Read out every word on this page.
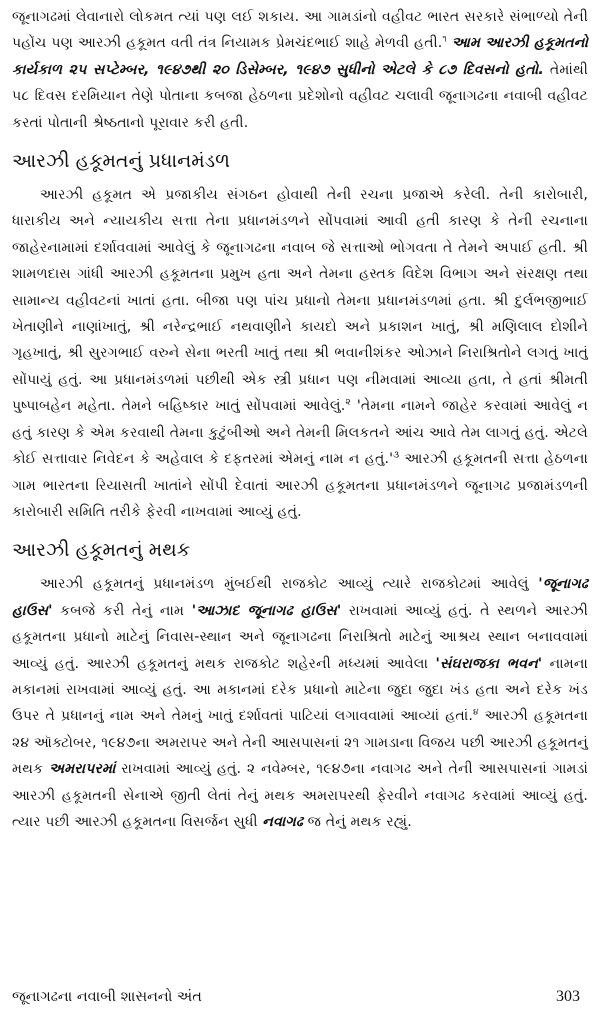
જૂનાગઢમાં લેવાનારો લોકમત ત્યાં પણ લઈ શકાય. આ ગામડાંનો વહીવટ ભારત સરકારે સંભાળ્યો તેની પહોંચ પણ આરઝી હકૂમત વતી તંત્ર નિયામક પ્રેમચંદભાઈ શાહે મેળવી હતી.$^૧$ આમ આરઝી હકૂમતનો કાર્યકાળ ૨૫ સપ્ટેમ્બર, ૧૯૪૭થી ૨૦ ડિસેમ્બર, ૧૯૪૭ સુધીનો એટલે કે ૮૭ દિવસનો હતો. તેમાંથી ૫૮ દિવસ દરમિયાન તેણે પોતાના કબજા હેઠળના પ્રદેશોનો વહીવટ ચલાવી જૂનાગઢના નવાબી વહીવટ કરતાં પોતાની શ્રેષ્ઠતાનો પૂરાવાર કરી હતી.

આરઝી હકૂમતનું પ્રધાનમંડળ

આરઝી હકૂમત એ પ્રજાકીય સંગઠન હોવાથી તેની રચના પ્રજાએ કરેલી. તેની કારોબારી, ધારાકીય અને ન્યાયકીય સત્તા તેના પ્રધાનમંડળને સોંપવામાં આવી હતી કારણ કે તેની રચનાના જાહેરનામામાં દર્શાવવામાં આવેલું કે જૂનાગઢના નવાબ જે સત્તાઓ ભોગવતા તે તેમને અપાઈ હતી. શ્રી શામળદાસ ગાંધી આરઝી હકૂમતના પ્રમુખ હતા અને તેમના હસ્તક વિદેશ વિભાગ અને સંરક્ષણ તથા સામાન્ય વહીવટનાં ખાતાં હતા. બીજા પણ પાંચ પ્રધાનો તેમના પ્રધાનમંડળમાં હતા. શ્રી દુર્લભજીભાઈ ખેતાણીને નાણાંખાતું, શ્રી નરેન્દ્રભાઈ નથવાણીને કાયદો અને પ્રકાશન ખાતું, શ્રી મણિલાલ દોશીને ગૃહખાતું, શ્રી સુરગભાઈ વરુને સેના ભરતી ખાતું તથા શ્રી ભવાનીશંકર ઓઝાને નિરાશ્રિતોને લગતું ખાતું સોંપાયું હતું. આ પ્રધાનમંડળમાં પછીથી એક સ્ત્રી પ્રધાન પણ નીમવામાં આવ્યા હતા, તે હતાં શ્રીમતી પુષ્પાબહેન મહેતા. તેમને બહિષ્કાર ખાતું સોંપવામાં આવેલું.$^૨$ 'તેમના નામને જાહેર કરવામાં આવેલું ન હતું કારણ કે એમ કરવાથી તેમના કુટુંબીઓ અને તેમની મિલકતને આંચ આવે તેમ લાગતું હતું. એટલે કોઈ સત્તાવાર નિવેદન કે અહેવાલ કે દફતરમાં એમનું નામ ન $હતું.'^૩$ આરઝી હકૂમતની સત્તા હેઠળના ગામ ભારતના રિયાસતી ખાતાંને સોંપી દેવાતાં આરઝી હકૂમતના પ્રધાનમંડળને જૂનાગઢ પ્રજામંડળની કારોબારી સમિતિ તરીકે ફેરવી નાખવામાં આવ્યું હતું.

આરઝી હકૂમતનું મથક

આરઝી હકૂમતનું પ્રધાનમંડળ મુંબઈથી રાજકોટ આવ્યું ત્યારે રાજકોટમાં આવેલું 'જૂનાગઢ હાઉસ' કબજે કરી તેનું નામ 'આઝાદ જૂનાગઢ હાઉસ' રાખવામાં આવ્યું હતું. તે સ્થળને આરઝી હકૂમતના પ્રધાનો માટેનું નિવાસ-સ્થાન અને જૂનાગઢના નિરાશ્રિતો માટેનું આશ્રય સ્થાન બનાવવામાં આવ્યું હતું. આરઝી હકૂમતનું મથક રાજકોટ શહેરની મધ્યમાં આવેલા 'સંઘરાજકા ભવન' નામના મકાનમાં રાખવામાં આવ્યું હતું. આ મકાનમાં દરેક પ્રધાનો માટેના જુદા જુદા ખંડ હતા અને દરેક ખંડ ઉપર તે પ્રધાનનું નામ અને તેમનું ખાતું દર્શાવતાં પાટિયાં લગાવવામાં આવ્યાં હતાં.$^૪$ આરઝી હકૂમતના ૨૪ ઑક્ટોબર, ૧૯૪૭ના અમરાપર અને તેની આસપાસનાં ૨૧ ગામડાના વિજય પછી આરઝી હકૂમતનું મથક અમરાપરમાં રાખવામાં આવ્યું હતું. ૨ નવેમ્બર, ૧૯૪૭ના નવાગઢ અને તેની આસપાસનાં ગામડાં આરઝી હકૂમતની સેનાએ જીતી લેતાં તેનું મથક અમરાપરથી ફેરવીને નવાગઢ કરવામાં આવ્યું હતું. ત્યાર પછી આરઝી હકૂમતના વિસર્જન સુધી નવાગઢ જ તેનું મથક રહ્યું.

જૂનાગઢના નવાબી શાસનનો અંત	303
